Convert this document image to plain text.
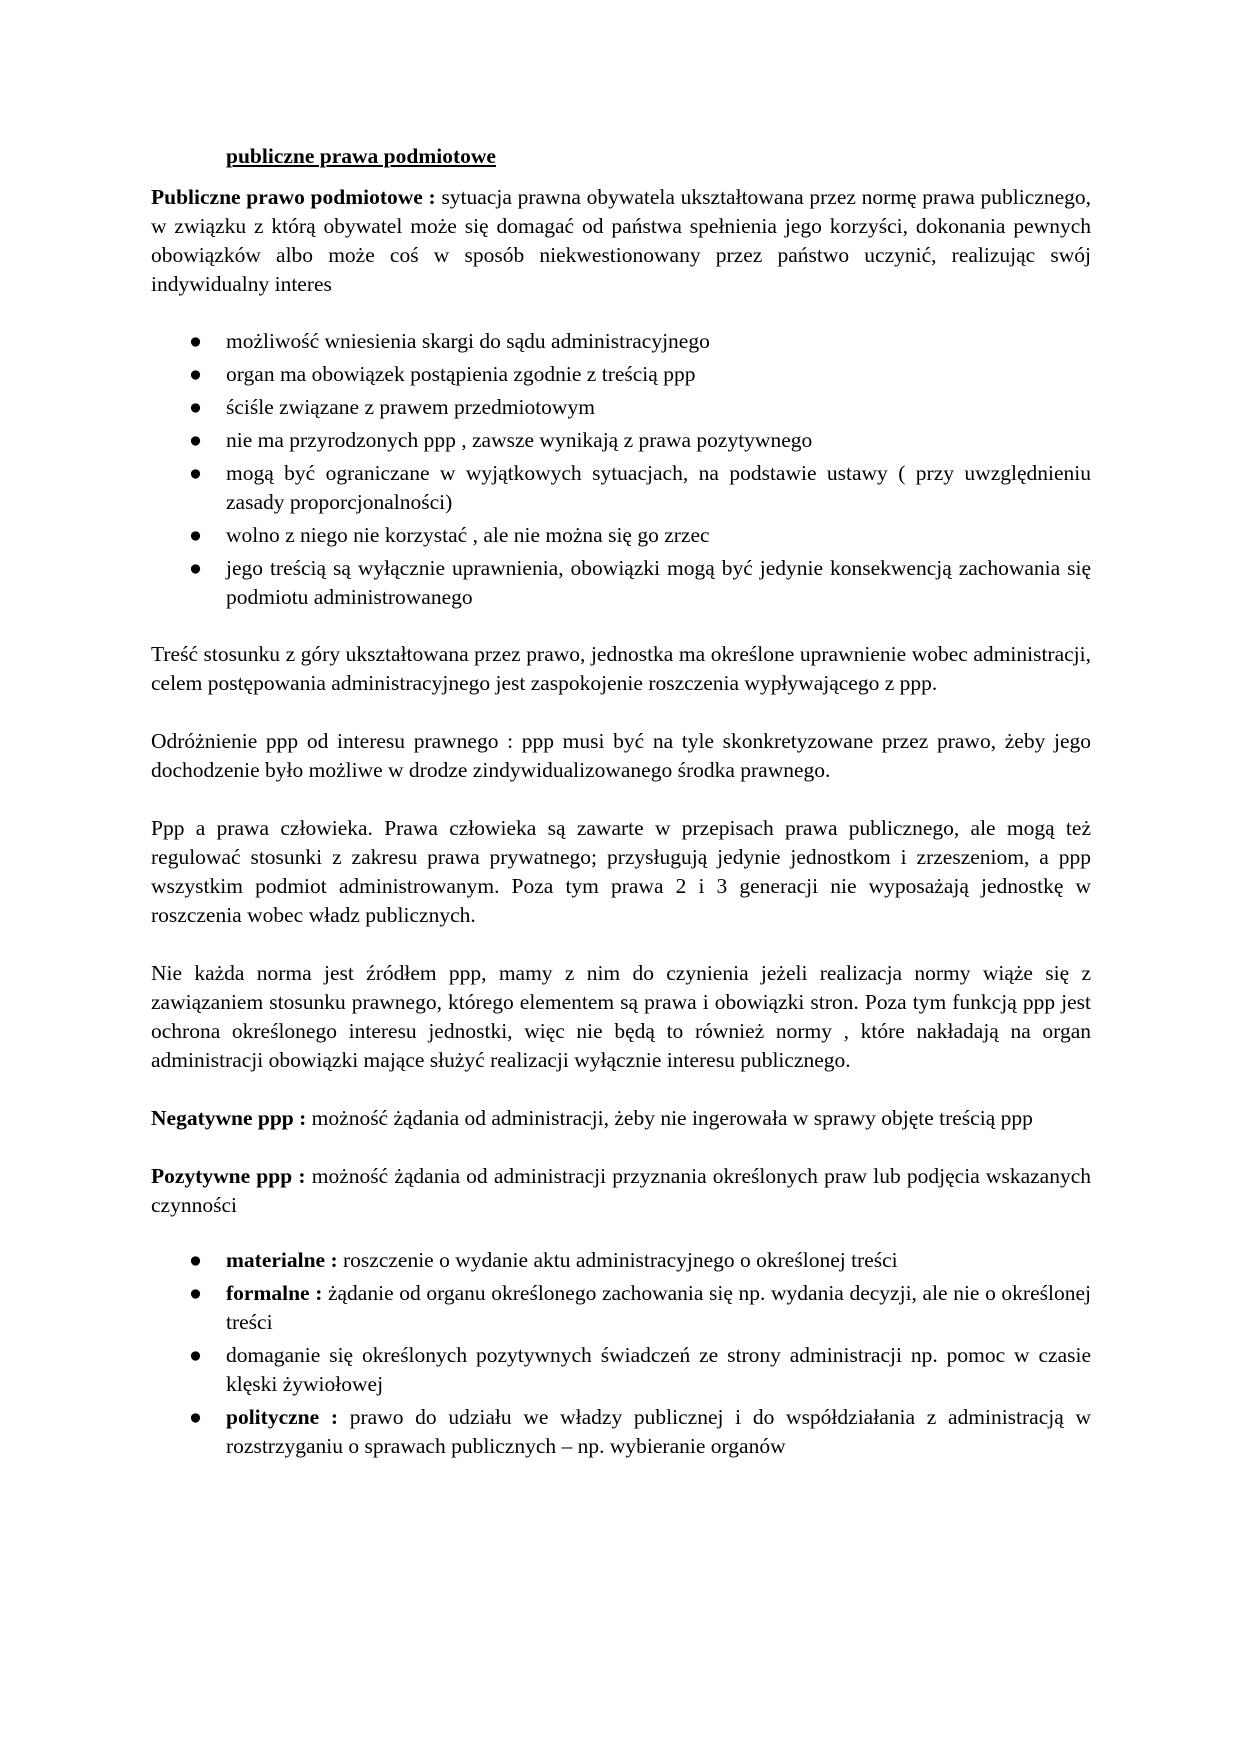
publiczne prawa podmiotowe

Publiczne prawo podmiotowe : sytuacja prawna obywatela ukształtowana przez normę prawa publicznego, w związku z którą obywatel może się domagać od państwa spełnienia jego korzyści, dokonania pewnych obowiązków albo może coś w sposób niekwestionowany przez państwo uczynić, realizując swój indywidualny interes

● możliwość wniesienia skargi do sądu administracyjnego
● organ ma obowiązek postąpienia zgodnie z treścią ppp
● ściśle związane z prawem przedmiotowym
● nie ma przyrodzonych ppp , zawsze wynikają z prawa pozytywnego
● mogą być ograniczane w wyjątkowych sytuacjach, na podstawie ustawy ( przy uwzględnieniu zasady proporcjonalności)
● wolno z niego nie korzystać , ale nie można się go zrzec
● jego treścią są wyłącznie uprawnienia, obowiązki mogą być jedynie konsekwencją zachowania się podmiotu administrowanego

Treść stosunku z góry ukształtowana przez prawo, jednostka ma określone uprawnienie wobec administracji, celem postępowania administracyjnego jest zaspokojenie roszczenia wypływającego z ppp.

Odróżnienie ppp od interesu prawnego : ppp musi być na tyle skonkretyzowane przez prawo, żeby jego dochodzenie było możliwe w drodze zindywidualizowanego środka prawnego.

Ppp a prawa człowieka. Prawa człowieka są zawarte w przepisach prawa publicznego, ale mogą też regulować stosunki z zakresu prawa prywatnego; przysługują jedynie jednostkom i zrzeszeniom, a ppp wszystkim podmiot administrowanym. Poza tym prawa 2 i 3 generacji nie wyposażają jednostkę w roszczenia wobec władz publicznych.

Nie każda norma jest źródłem ppp, mamy z nim do czynienia jeżeli realizacja normy wiąże się z zawiązaniem stosunku prawnego, którego elementem są prawa i obowiązki stron. Poza tym funkcją ppp jest ochrona określonego interesu jednostki, więc nie będą to również normy , które nakładają na organ administracji obowiązki mające służyć realizacji wyłącznie interesu publicznego.

Negatywne ppp : możność żądania od administracji, żeby nie ingerowała w sprawy objęte treścią ppp

Pozytywne ppp : możność żądania od administracji przyznania określonych praw lub podjęcia wskazanych czynności

● materialne : roszczenie o wydanie aktu administracyjnego o określonej treści
● formalne : żądanie od organu określonego zachowania się np. wydania decyzji, ale nie o określonej treści
● domaganie się określonych pozytywnych świadczeń ze strony administracji np. pomoc w czasie klęski żywiołowej
● polityczne : prawo do udziału we władzy publicznej i do współdziałania z administracją w rozstrzyganiu o sprawach publicznych – np. wybieranie organów
